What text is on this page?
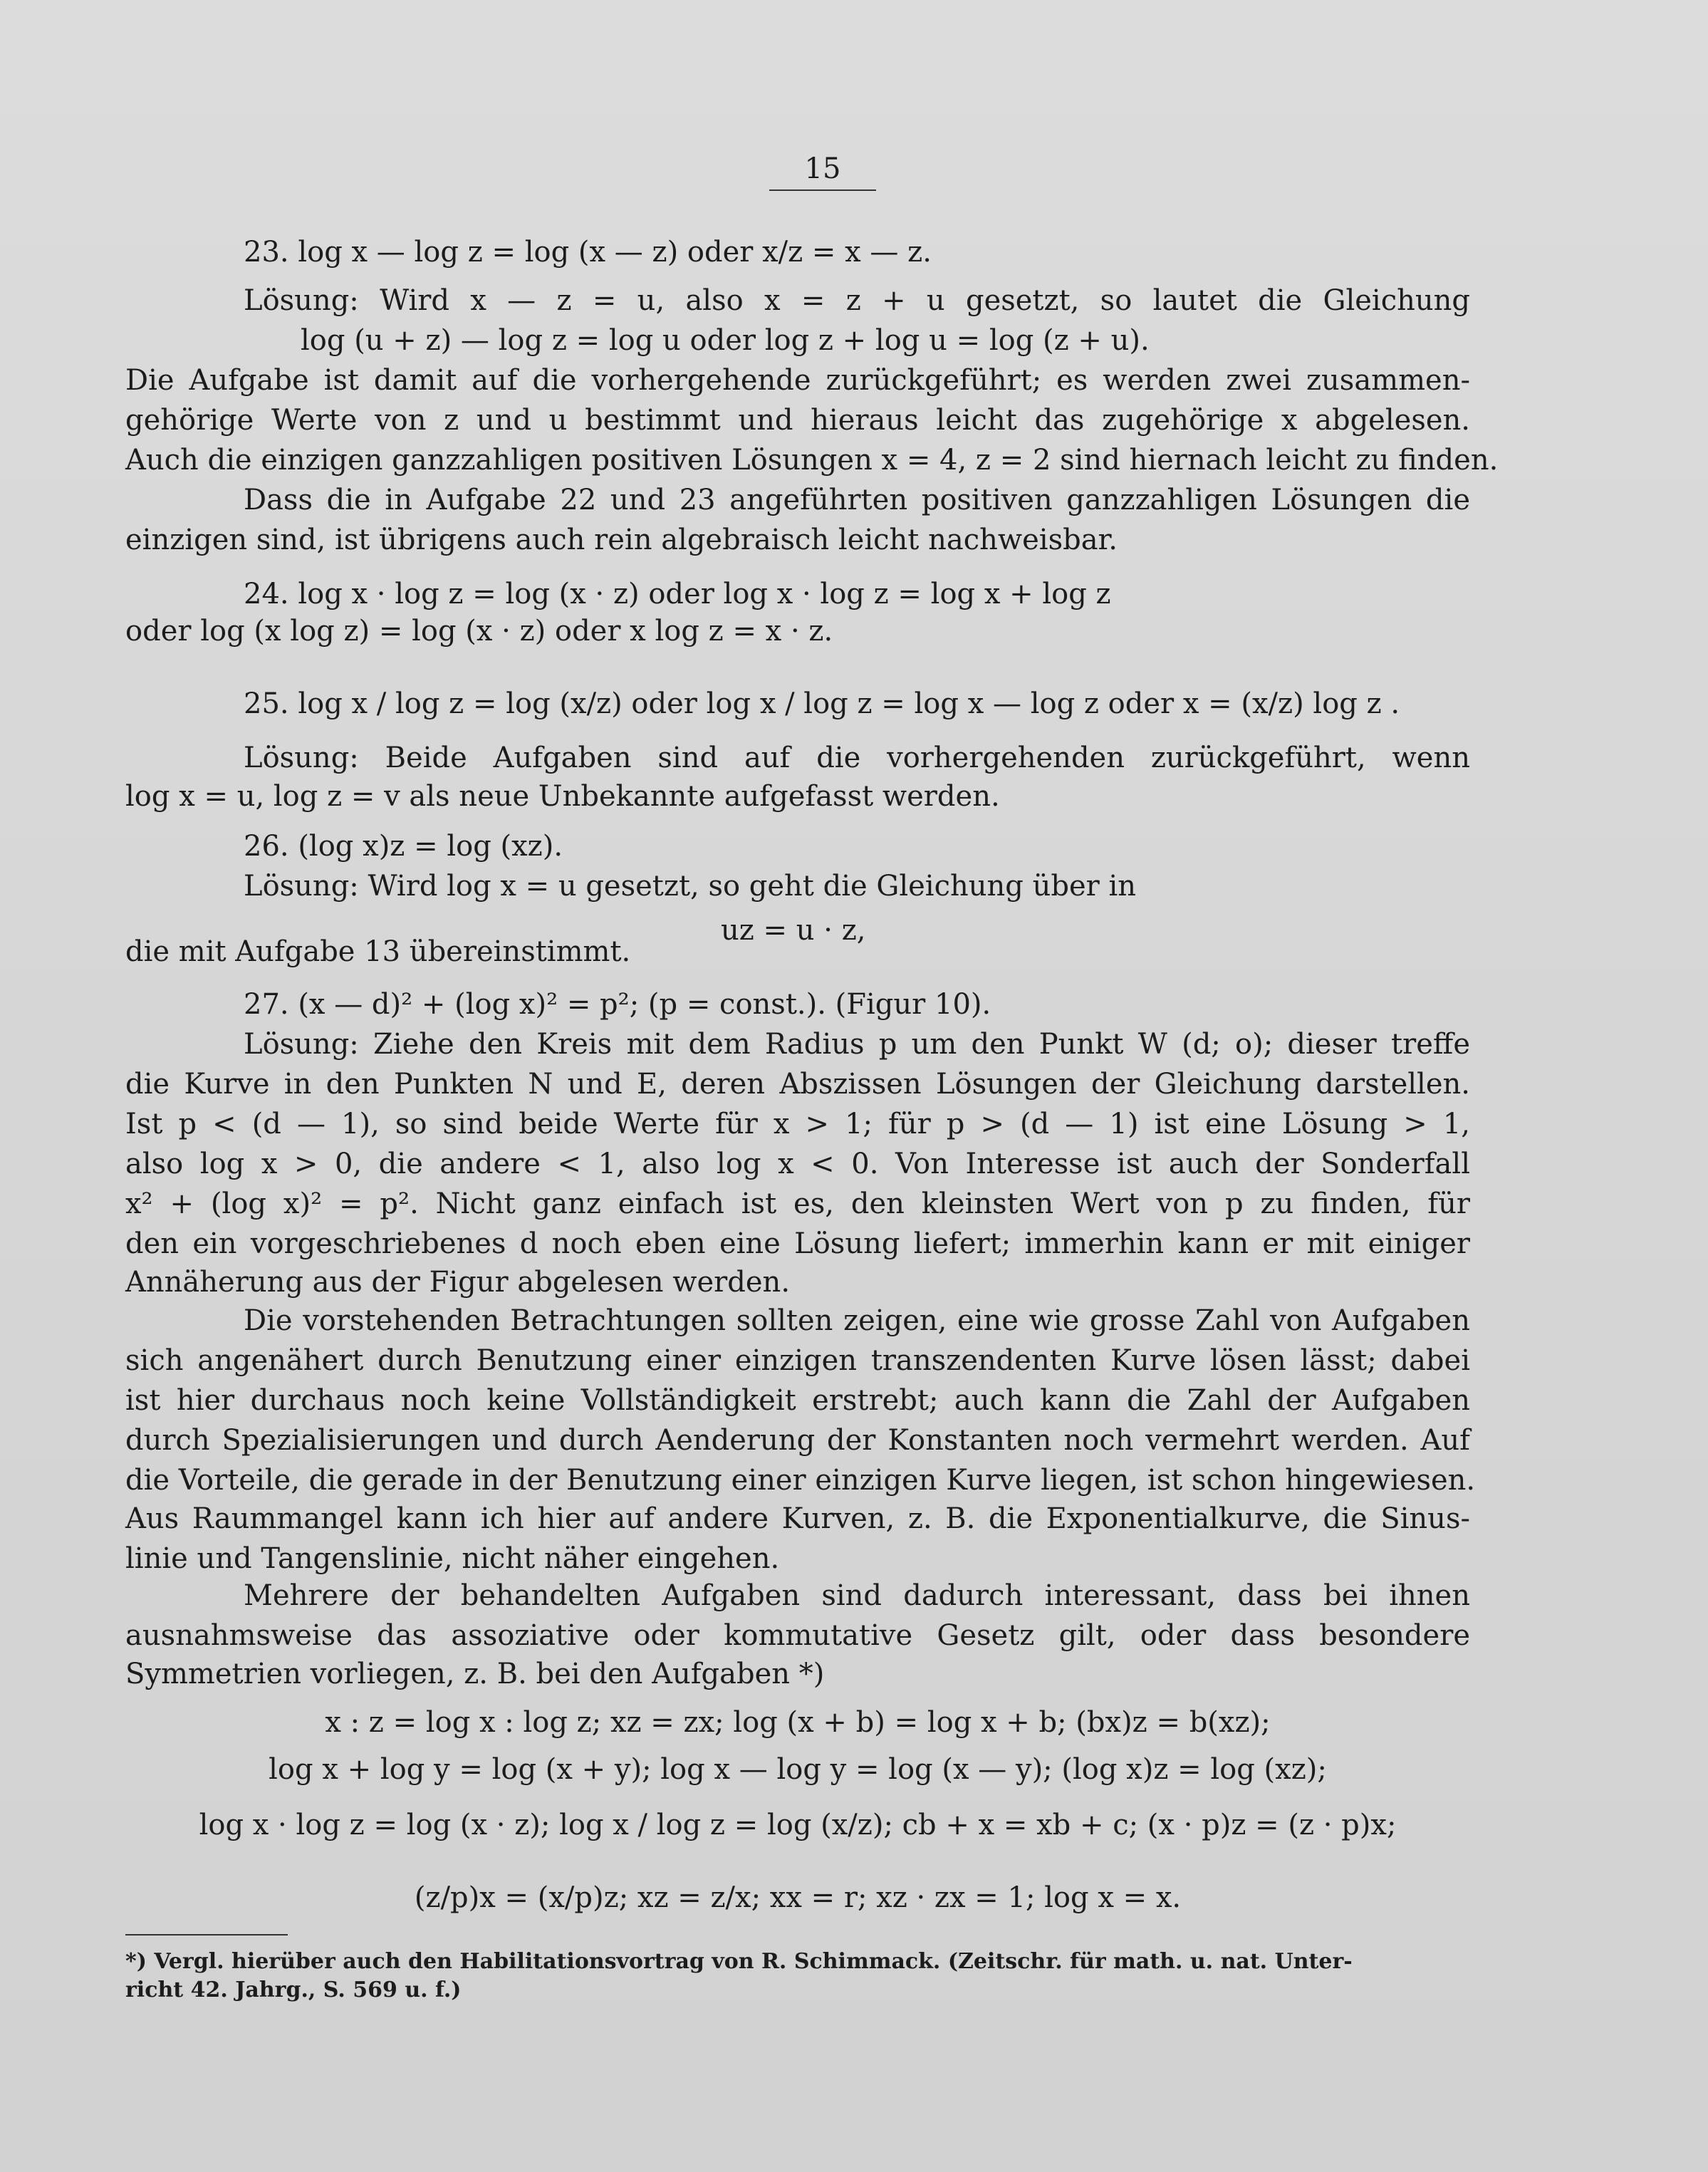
15
23. log x — log z = log (x — z) oder x/z = x — z.
Lösung: Wird x — z = u, also x = z + u gesetzt, so lautet die Gleichung
log (u + z) — log z = log u oder log z + log u = log (z + u).
Die Aufgabe ist damit auf die vorhergehende zurückgeführt; es werden zwei zusammen-
gehörige Werte von z und u bestimmt und hieraus leicht das zugehörige x abgelesen.
Auch die einzigen ganzzahligen positiven Lösungen x = 4, z = 2 sind hiernach leicht zu finden.
Dass die in Aufgabe 22 und 23 angeführten positiven ganzzahligen Lösungen die
einzigen sind, ist übrigens auch rein algebraisch leicht nachweisbar.
24. log x · log z = log (x · z) oder log x · log z = log x + log z
oder log (x log z) = log (x · z) oder x log z = x · z.
25. log x / log z = log (x/z) oder log x / log z = log x — log z oder x = (x/z) log z .
Lösung: Beide Aufgaben sind auf die vorhergehenden zurückgeführt, wenn
log x = u, log z = v als neue Unbekannte aufgefasst werden.
26. (log x)z = log (xz).
Lösung: Wird log x = u gesetzt, so geht die Gleichung über in
uz = u · z,
die mit Aufgabe 13 übereinstimmt.
27. (x — d)² + (log x)² = p²; (p = const.). (Figur 10).
Lösung: Ziehe den Kreis mit dem Radius p um den Punkt W (d; o); dieser treffe
die Kurve in den Punkten N und E, deren Abszissen Lösungen der Gleichung darstellen.
Ist p < (d — 1), so sind beide Werte für x > 1; für p > (d — 1) ist eine Lösung > 1,
also log x > 0, die andere < 1, also log x < 0. Von Interesse ist auch der Sonderfall
x² + (log x)² = p². Nicht ganz einfach ist es, den kleinsten Wert von p zu finden, für
den ein vorgeschriebenes d noch eben eine Lösung liefert; immerhin kann er mit einiger
Annäherung aus der Figur abgelesen werden.
Die vorstehenden Betrachtungen sollten zeigen, eine wie grosse Zahl von Aufgaben
sich angenähert durch Benutzung einer einzigen transzendenten Kurve lösen lässt; dabei
ist hier durchaus noch keine Vollständigkeit erstrebt; auch kann die Zahl der Aufgaben
durch Spezialisierungen und durch Aenderung der Konstanten noch vermehrt werden. Auf
die Vorteile, die gerade in der Benutzung einer einzigen Kurve liegen, ist schon hingewiesen.
Aus Raummangel kann ich hier auf andere Kurven, z. B. die Exponentialkurve, die Sinus-
linie und Tangenslinie, nicht näher eingehen.
Mehrere der behandelten Aufgaben sind dadurch interessant, dass bei ihnen
ausnahmsweise das assoziative oder kommutative Gesetz gilt, oder dass besondere
Symmetrien vorliegen, z. B. bei den Aufgaben *)
x : z = log x : log z; xz = zx; log (x + b) = log x + b; (bx)z = b(xz);
log x + log y = log (x + y); log x — log y = log (x — y); (log x)z = log (xz);
log x · log z = log (x · z); log x / log z = log (x/z); cb + x = xb + c; (x · p)z = (z · p)x;
(z/p)x = (x/p)z; xz = z/x; xx = r; xz · zx = 1; log x = x.
*) Vergl. hierüber auch den Habilitationsvortrag von R. Schimmack. (Zeitschr. für math. u. nat. Unter-
richt 42. Jahrg., S. 569 u. f.)
